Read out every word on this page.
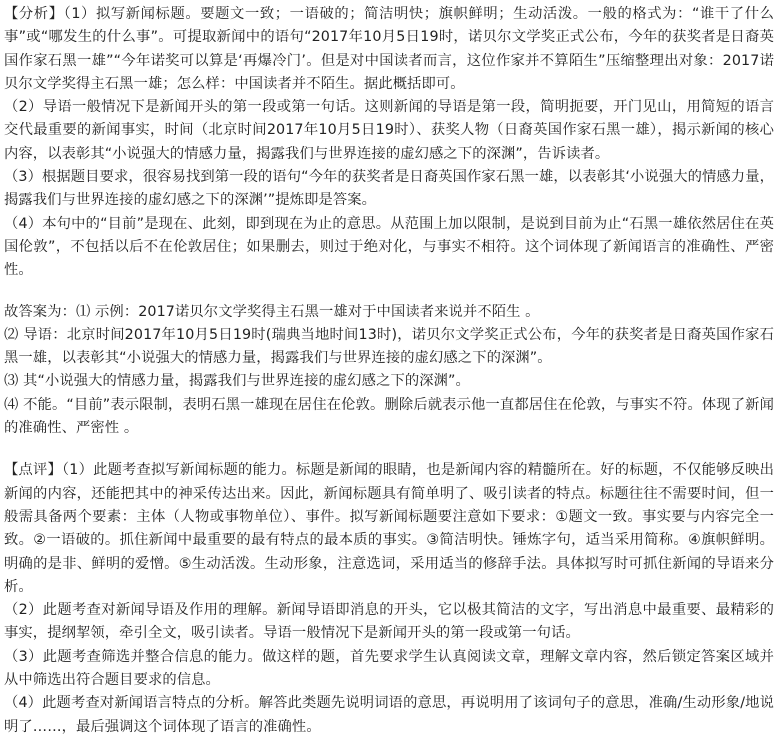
【分析】（1）拟写新闻标题。要题文一致；一语破的；简洁明快；旗帜鲜明；生动活泼。一般的格式为：“谁干了什么事”或“哪发生的什么事”。可提取新闻中的语句“2017年10月5日19时，诺贝尔文学奖正式公布，今年的获奖者是日裔英国作家石黑一雄”“今年诺奖可以算是‘再爆冷门’。但是对中国读者而言，这位作家并不算陌生”压缩整理出对象：2017诺贝尔文学奖得主石黑一雄；怎么样：中国读者并不陌生。据此概括即可。

（2）导语一般情况下是新闻开头的第一段或第一句话。这则新闻的导语是第一段，简明扼要，开门见山，用简短的语言交代最重要的新闻事实，时间（北京时间2017年10月5日19时）、获奖人物（日裔英国作家石黑一雄），揭示新闻的核心内容，以表彰其“小说强大的情感力量，揭露我们与世界连接的虚幻感之下的深渊”，告诉读者。

（3）根据题目要求，很容易找到第一段的语句“今年的获奖者是日裔英国作家石黑一雄，以表彰其‘小说强大的情感力量，揭露我们与世界连接的虚幻感之下的深渊’”提炼即是答案。

（4）本句中的“目前”是现在、此刻，即到现在为止的意思。从范围上加以限制，是说到目前为止“石黑一雄依然居住在英国伦敦”，不包括以后不在伦敦居住；如果删去，则过于绝对化，与事实不相符。这个词体现了新闻语言的准确性、严密性。

故答案为：⑴ 示例：2017诺贝尔文学奖得主石黑一雄对于中国读者来说并不陌生 。

⑵ 导语：北京时间2017年10月5日19时(瑞典当地时间13时)，诺贝尔文学奖正式公布，今年的获奖者是日裔英国作家石黑一雄，以表彰其“小说强大的情感力量，揭露我们与世界连接的虚幻感之下的深渊”。

⑶ 其“小说强大的情感力量，揭露我们与世界连接的虚幻感之下的深渊”。

⑷ 不能。“目前”表示限制，表明石黑一雄现在居住在伦敦。删除后就表示他一直都居住在伦敦，与事实不符。体现了新闻的准确性、严密性 。

【点评】（1）此题考查拟写新闻标题的能力。标题是新闻的眼睛，也是新闻内容的精髓所在。好的标题，不仅能够反映出新闻的内容，还能把其中的神采传达出来。因此，新闻标题具有简单明了、吸引读者的特点。标题往往不需要时间，但一般需具备两个要素：主体（人物或事物单位）、事件。拟写新闻标题要注意如下要求：①题文一致。事实要与内容完全一致。②一语破的。抓住新闻中最重要的最有特点的最本质的事实。③简洁明快。锤炼字句，适当采用简称。④旗帜鲜明。明确的是非、鲜明的爱憎。⑤生动活泼。生动形象，注意选词，采用适当的修辞手法。具体拟写时可抓住新闻的导语来分析。

（2）此题考查对新闻导语及作用的理解。新闻导语即消息的开头，它以极其简洁的文字，写出消息中最重要、最精彩的事实，提纲挈领，牵引全文，吸引读者。导语一般情况下是新闻开头的第一段或第一句话。

（3）此题考查筛选并整合信息的能力。做这样的题，首先要求学生认真阅读文章，理解文章内容，然后锁定答案区域并从中筛选出符合题目要求的信息。

（4）此题考查对新闻语言特点的分析。解答此类题先说明词语的意思，再说明用了该词句子的意思，准确/生动形象/地说明了……，最后强调这个词体现了语言的准确性。
